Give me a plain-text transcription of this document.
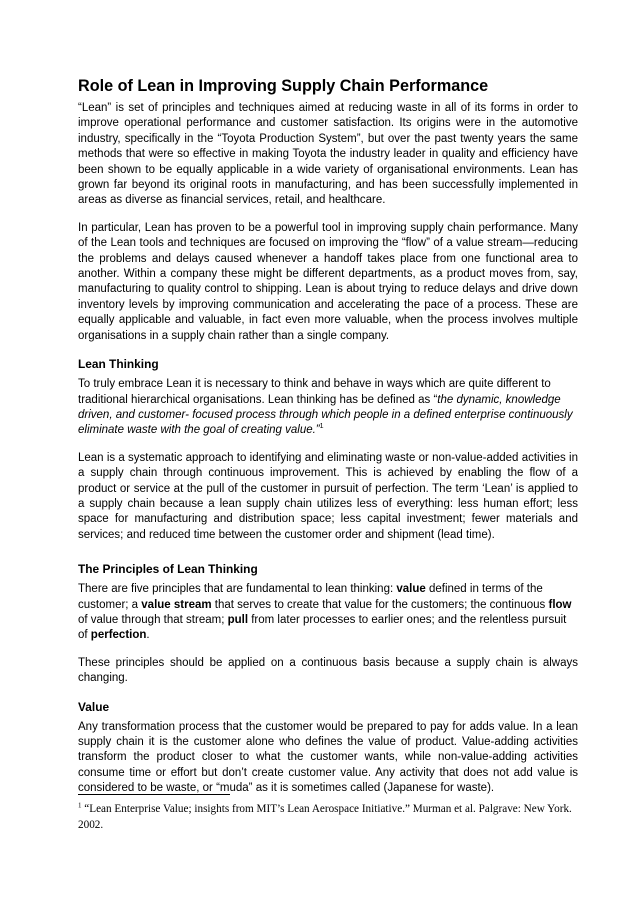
Role of Lean in Improving Supply Chain Performance

“Lean” is set of principles and techniques aimed at reducing waste in all of its forms in order to improve operational performance and customer satisfaction. Its origins were in the automotive industry, specifically in the “Toyota Production System”, but over the past twenty years the same methods that were so effective in making Toyota the industry leader in quality and efficiency have been shown to be equally applicable in a wide variety of organisational environments. Lean has grown far beyond its original roots in manufacturing, and has been successfully implemented in areas as diverse as financial services, retail, and healthcare.

In particular, Lean has proven to be a powerful tool in improving supply chain performance. Many of the Lean tools and techniques are focused on improving the “flow” of a value stream—reducing the problems and delays caused whenever a handoff takes place from one functional area to another. Within a company these might be different departments, as a product moves from, say, manufacturing to quality control to shipping. Lean is about trying to reduce delays and drive down inventory levels by improving communication and accelerating the pace of a process. These are equally applicable and valuable, in fact even more valuable, when the process involves multiple organisations in a supply chain rather than a single company.

Lean Thinking

To truly embrace Lean it is necessary to think and behave in ways which are quite different to traditional hierarchical organisations. Lean thinking has be defined as “the dynamic, knowledge driven, and customer- focused process through which people in a defined enterprise continuously eliminate waste with the goal of creating value.”$^1$

Lean is a systematic approach to identifying and eliminating waste or non-value-added activities in a supply chain through continuous improvement. This is achieved by enabling the flow of a product or service at the pull of the customer in pursuit of perfection. The term ‘Lean’ is applied to a supply chain because a lean supply chain utilizes less of everything: less human effort; less space for manufacturing and distribution space; less capital investment; fewer materials and services; and reduced time between the customer order and shipment (lead time).

The Principles of Lean Thinking

There are five principles that are fundamental to lean thinking: value defined in terms of the customer; a value stream that serves to create that value for the customers; the continuous flow of value through that stream; pull from later processes to earlier ones; and the relentless pursuit of perfection.

These principles should be applied on a continuous basis because a supply chain is always changing.

Value

Any transformation process that the customer would be prepared to pay for adds value. In a lean supply chain it is the customer alone who defines the value of product. Value-adding activities transform the product closer to what the customer wants, while non-value-adding activities consume time or effort but don’t create customer value. Any activity that does not add value is considered to be waste, or “muda” as it is sometimes called (Japanese for waste).

$^1$ “Lean Enterprise Value; insights from MIT’s Lean Aerospace Initiative.” Murman et al. Palgrave: New York. 2002.
